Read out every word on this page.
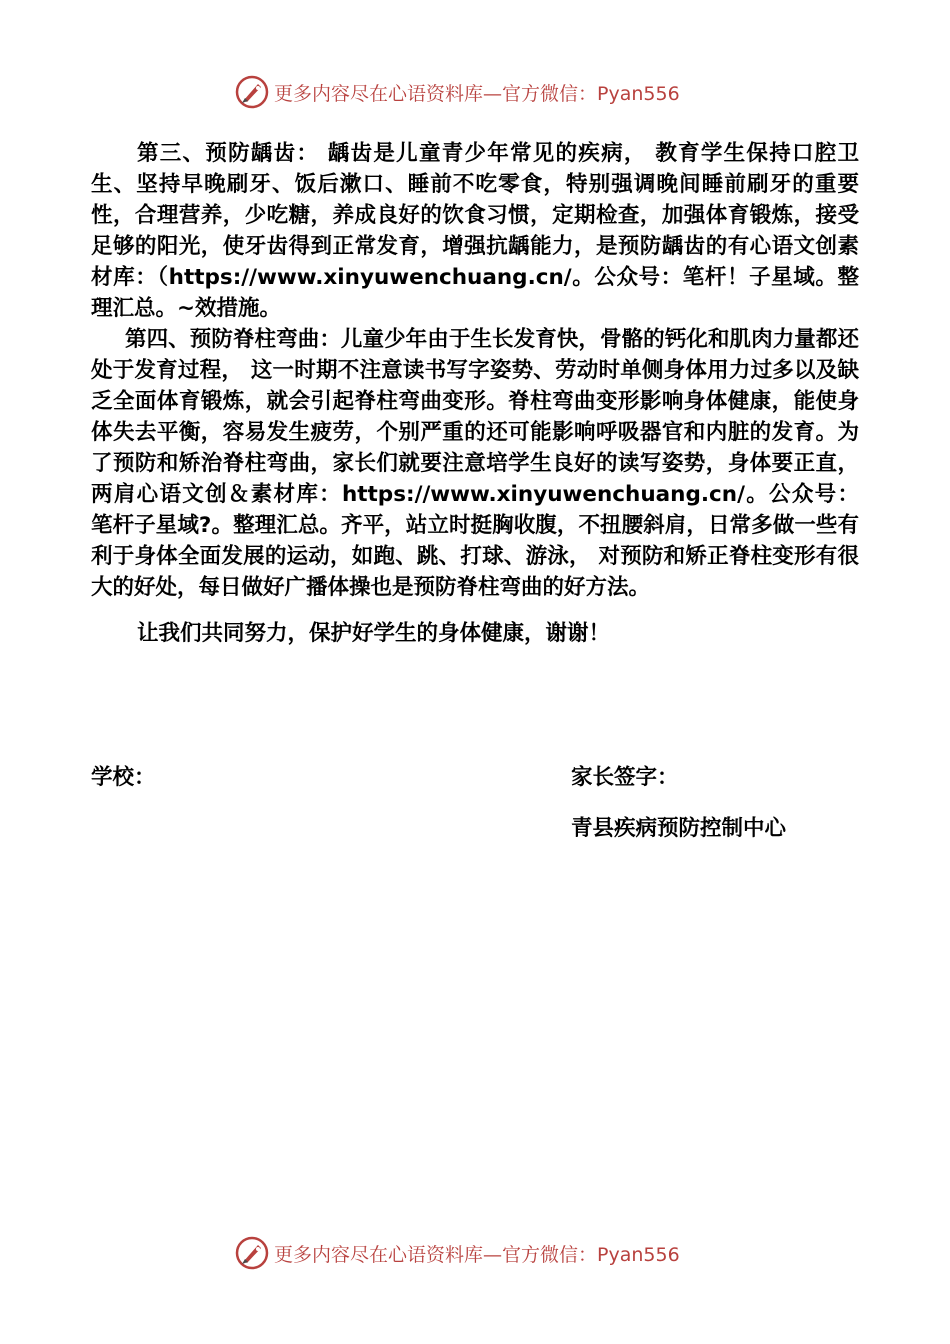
更多内容尽在心语资料库—官方微信：Pyan556

第三、预防龋齿： 龋齿是儿童青少年常见的疾病， 教育学生保持口腔卫生、坚持早晚刷牙、饭后漱口、睡前不吃零食，特别强调晚间睡前刷牙的重要性，合理营养，少吃糖，养成良好的饮食习惯，定期检查，加强体育锻炼，接受足够的阳光，使牙齿得到正常发育，增强抗龋能力，是预防龋齿的有心语文创素材库：（https://www.xinyuwenchuang.cn/。公众号：笔杆！子星域。整理汇总。~效措施。

第四、预防脊柱弯曲：儿童少年由于生长发育快，骨骼的钙化和肌肉力量都还处于发育过程， 这一时期不注意读书写字姿势、劳动时单侧身体用力过多以及缺乏全面体育锻炼，就会引起脊柱弯曲变形。脊柱弯曲变形影响身体健康，能使身体失去平衡，容易发生疲劳，个别严重的还可能影响呼吸器官和内脏的发育。为了预防和矫治脊柱弯曲，家长们就要注意培学生良好的读写姿势，身体要正直，两肩心语文创＆素材库：https://www.xinyuwenchuang.cn/。公众号：笔杆子星域?。整理汇总。齐平，站立时挺胸收腹，不扭腰斜肩，日常多做一些有利于身体全面发展的运动，如跑、跳、打球、游泳， 对预防和矫正脊柱变形有很大的好处，每日做好广播体操也是预防脊柱弯曲的好方法。

让我们共同努力，保护好学生的身体健康，谢谢！

学校：	家长签字：
青县疾病预防控制中心
更多内容尽在心语资料库—官方微信：Pyan556
